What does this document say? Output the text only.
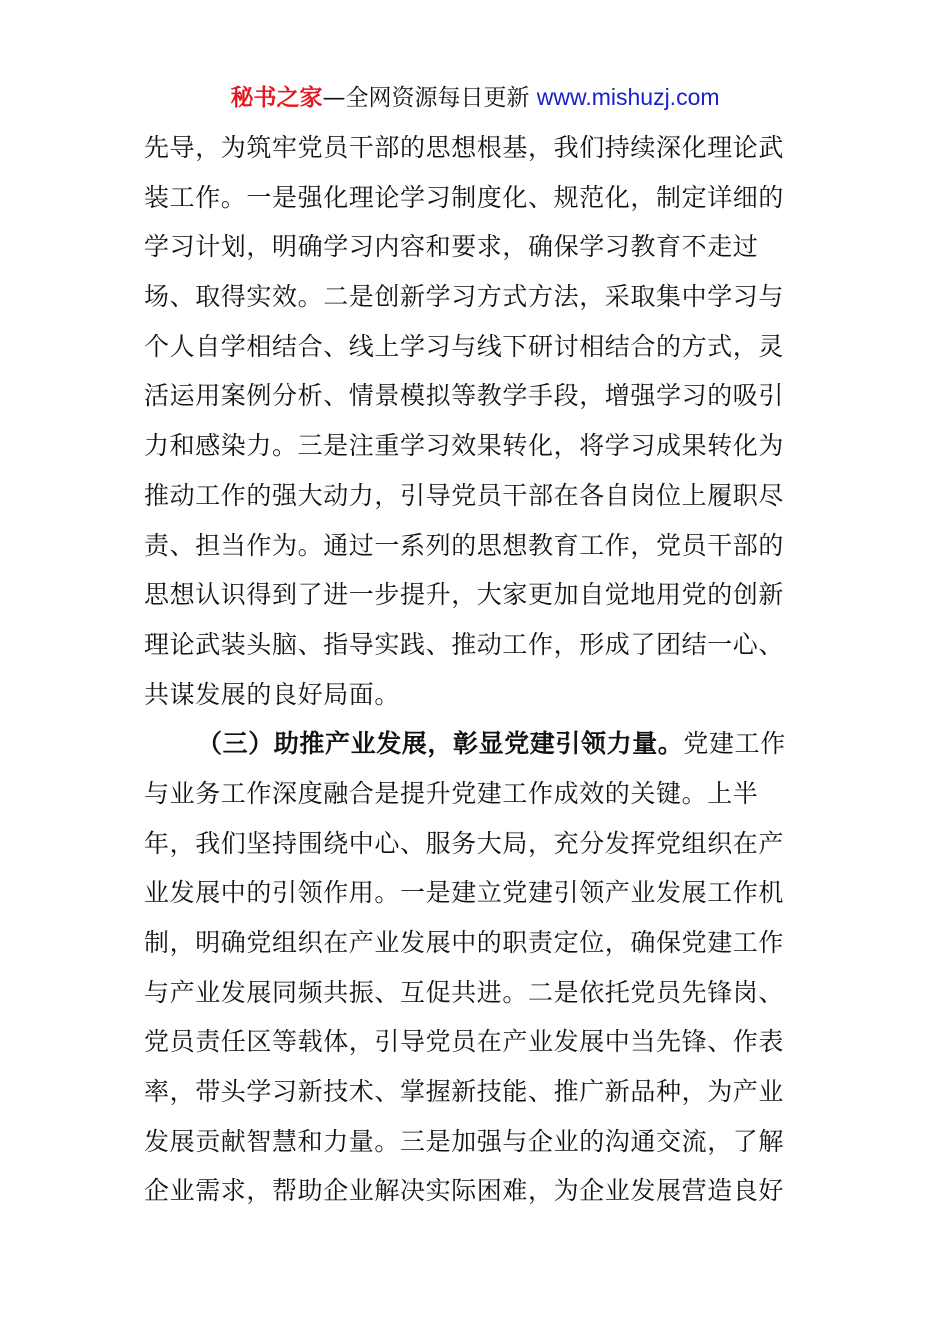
秘书之家—全网资源每日更新 www.mishuzj.com
先导，为筑牢党员干部的思想根基，我们持续深化理论武
装工作。一是强化理论学习制度化、规范化，制定详细的
学习计划，明确学习内容和要求，确保学习教育不走过
场、取得实效。二是创新学习方式方法，采取集中学习与
个人自学相结合、线上学习与线下研讨相结合的方式，灵
活运用案例分析、情景模拟等教学手段，增强学习的吸引
力和感染力。三是注重学习效果转化，将学习成果转化为
推动工作的强大动力，引导党员干部在各自岗位上履职尽
责、担当作为。通过一系列的思想教育工作，党员干部的
思想认识得到了进一步提升，大家更加自觉地用党的创新
理论武装头脑、指导实践、推动工作，形成了团结一心、
共谋发展的良好局面。
（三）助推产业发展，彰显党建引领力量。党建工作
与业务工作深度融合是提升党建工作成效的关键。上半
年，我们坚持围绕中心、服务大局，充分发挥党组织在产
业发展中的引领作用。一是建立党建引领产业发展工作机
制，明确党组织在产业发展中的职责定位，确保党建工作
与产业发展同频共振、互促共进。二是依托党员先锋岗、
党员责任区等载体，引导党员在产业发展中当先锋、作表
率，带头学习新技术、掌握新技能、推广新品种，为产业
发展贡献智慧和力量。三是加强与企业的沟通交流，了解
企业需求，帮助企业解决实际困难，为企业发展营造良好
